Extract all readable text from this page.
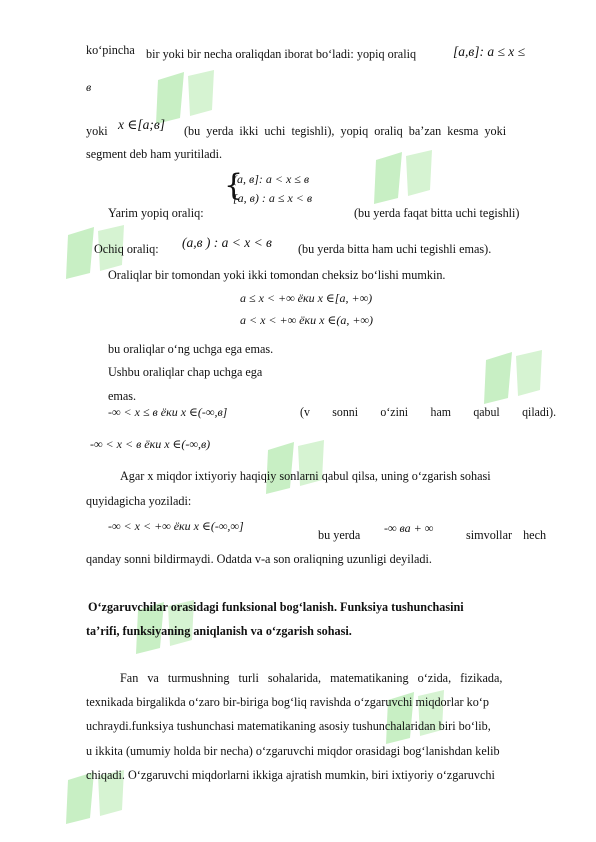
ko‘pincha bir yoki bir necha oraliqdan iborat bo‘ladi: yopiq oraliq	[a,в]: a ≤ x ≤
в
yoki x ∈[a;в] (bu yerda ikki uchi tegishli), yopiq oraliq ba’zan kesma yoki
segment deb ham yuritiladi.
{
(a, в]: a < x ≤ в
[a, в) : a ≤ x < в
Yarim yopiq oraliq:	(bu yerda faqat bitta uchi tegishli)
Ochiq oraliq: (a,в ) : a < x < в (bu yerda bitta ham uchi tegishli emas).
Oraliqlar bir tomondan yoki ikki tomondan cheksiz bo‘lishi mumkin.
a ≤ x < +∞ ёки x ∈[a, +∞)
a < x < +∞ ёки x ∈(a, +∞)
bu oraliqlar o‘ng uchga ega emas.
Ushbu oraliqlar chap uchga ega
emas.
-∞ < x ≤ в ёки x ∈(-∞,в]	(v sonni o‘zini ham qabul qiladi).
-∞ < x < в ёки x ∈(-∞,в)
Agar x miqdor ixtiyoriy haqiqiy sonlarni qabul qilsa, uning o‘zgarish sohasi
quyidagicha yoziladi:
-∞ < x < +∞ ёки x ∈(-∞,∞]
bu yerda -∞ ва + ∞	simvollar hech
qanday sonni bildirmaydi. Odatda v-a son oraliqning uzunligi deyiladi.
O‘zgaruvchilar orasidagi funksional bog‘lanish. Funksiya tushunchasini
ta’rifi, funksiyaning aniqlanish va o‘zgarish sohasi.
Fan va turmushning turli sohalarida, matematikaning o‘zida, fizikada,
texnikada birgalikda o‘zaro bir-biriga bog‘liq ravishda o‘zgaruvchi miqdorlar ko‘p
uchraydi.funksiya tushunchasi matematikaning asosiy tushunchalaridan biri bo‘lib,
u ikkita (umumiy holda bir necha) o‘zgaruvchi miqdor orasidagi bog‘lanishdan kelib
chiqadi. O‘zgaruvchi miqdorlarni ikkiga ajratish mumkin, biri ixtiyoriy o‘zgaruvchi
